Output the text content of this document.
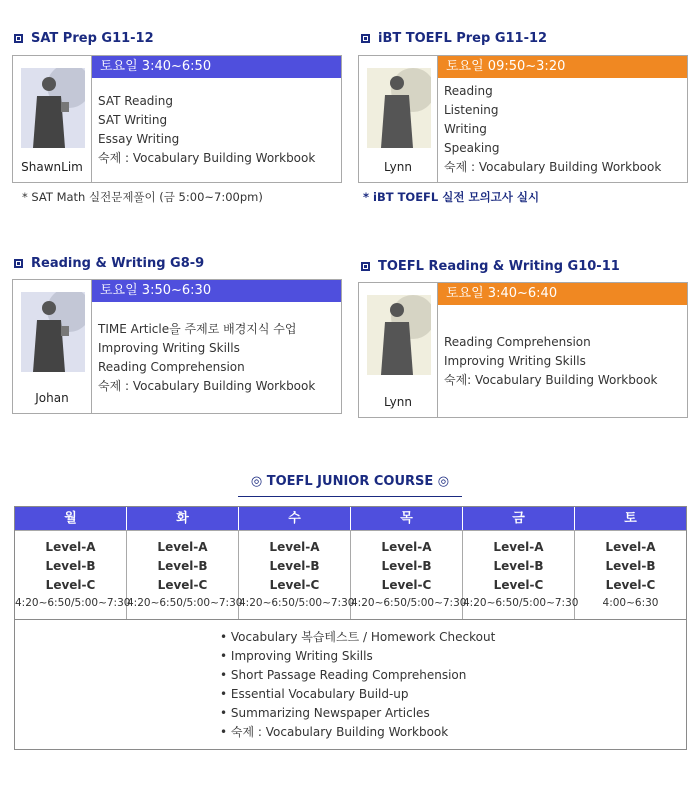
SAT Prep G11-12
ShawnLim
토요일 3:40~6:50
SAT Reading
SAT Writing
Essay Writing
숙제 : Vocabulary Building Workbook
* SAT Math 실전문제풀이 (금 5:00~7:00pm)
iBT TOEFL Prep G11-12
Lynn
토요일 09:50~3:20
Reading
Listening
Writing
Speaking
숙제 : Vocabulary Building Workbook
* iBT TOEFL 실전 모의고사 실시
Reading & Writing G8-9
Johan
토요일 3:50~6:30
TIME Article을 주제로 배경지식 수업
Improving Writing Skills
Reading Comprehension
숙제 : Vocabulary Building Workbook
TOEFL Reading & Writing G10-11
Lynn
토요일 3:40~6:40
Reading Comprehension
Improving Writing Skills
숙제: Vocabulary Building Workbook
◎ TOEFL JUNIOR COURSE ◎
월
Level-A
Level-B
Level-C
4:20~6:50/5:00~7:30
화
Level-A
Level-B
Level-C
4:20~6:50/5:00~7:30
수
Level-A
Level-B
Level-C
4:20~6:50/5:00~7:30
목
Level-A
Level-B
Level-C
4:20~6:50/5:00~7:30
금
Level-A
Level-B
Level-C
4:20~6:50/5:00~7:30
토
Level-A
Level-B
Level-C
4:00~6:30
• Vocabulary 복습테스트 / Homework Checkout
• Improving Writing Skills
• Short Passage Reading Comprehension
• Essential Vocabulary Build-up
• Summarizing Newspaper Articles
• 숙제 : Vocabulary Building Workbook
